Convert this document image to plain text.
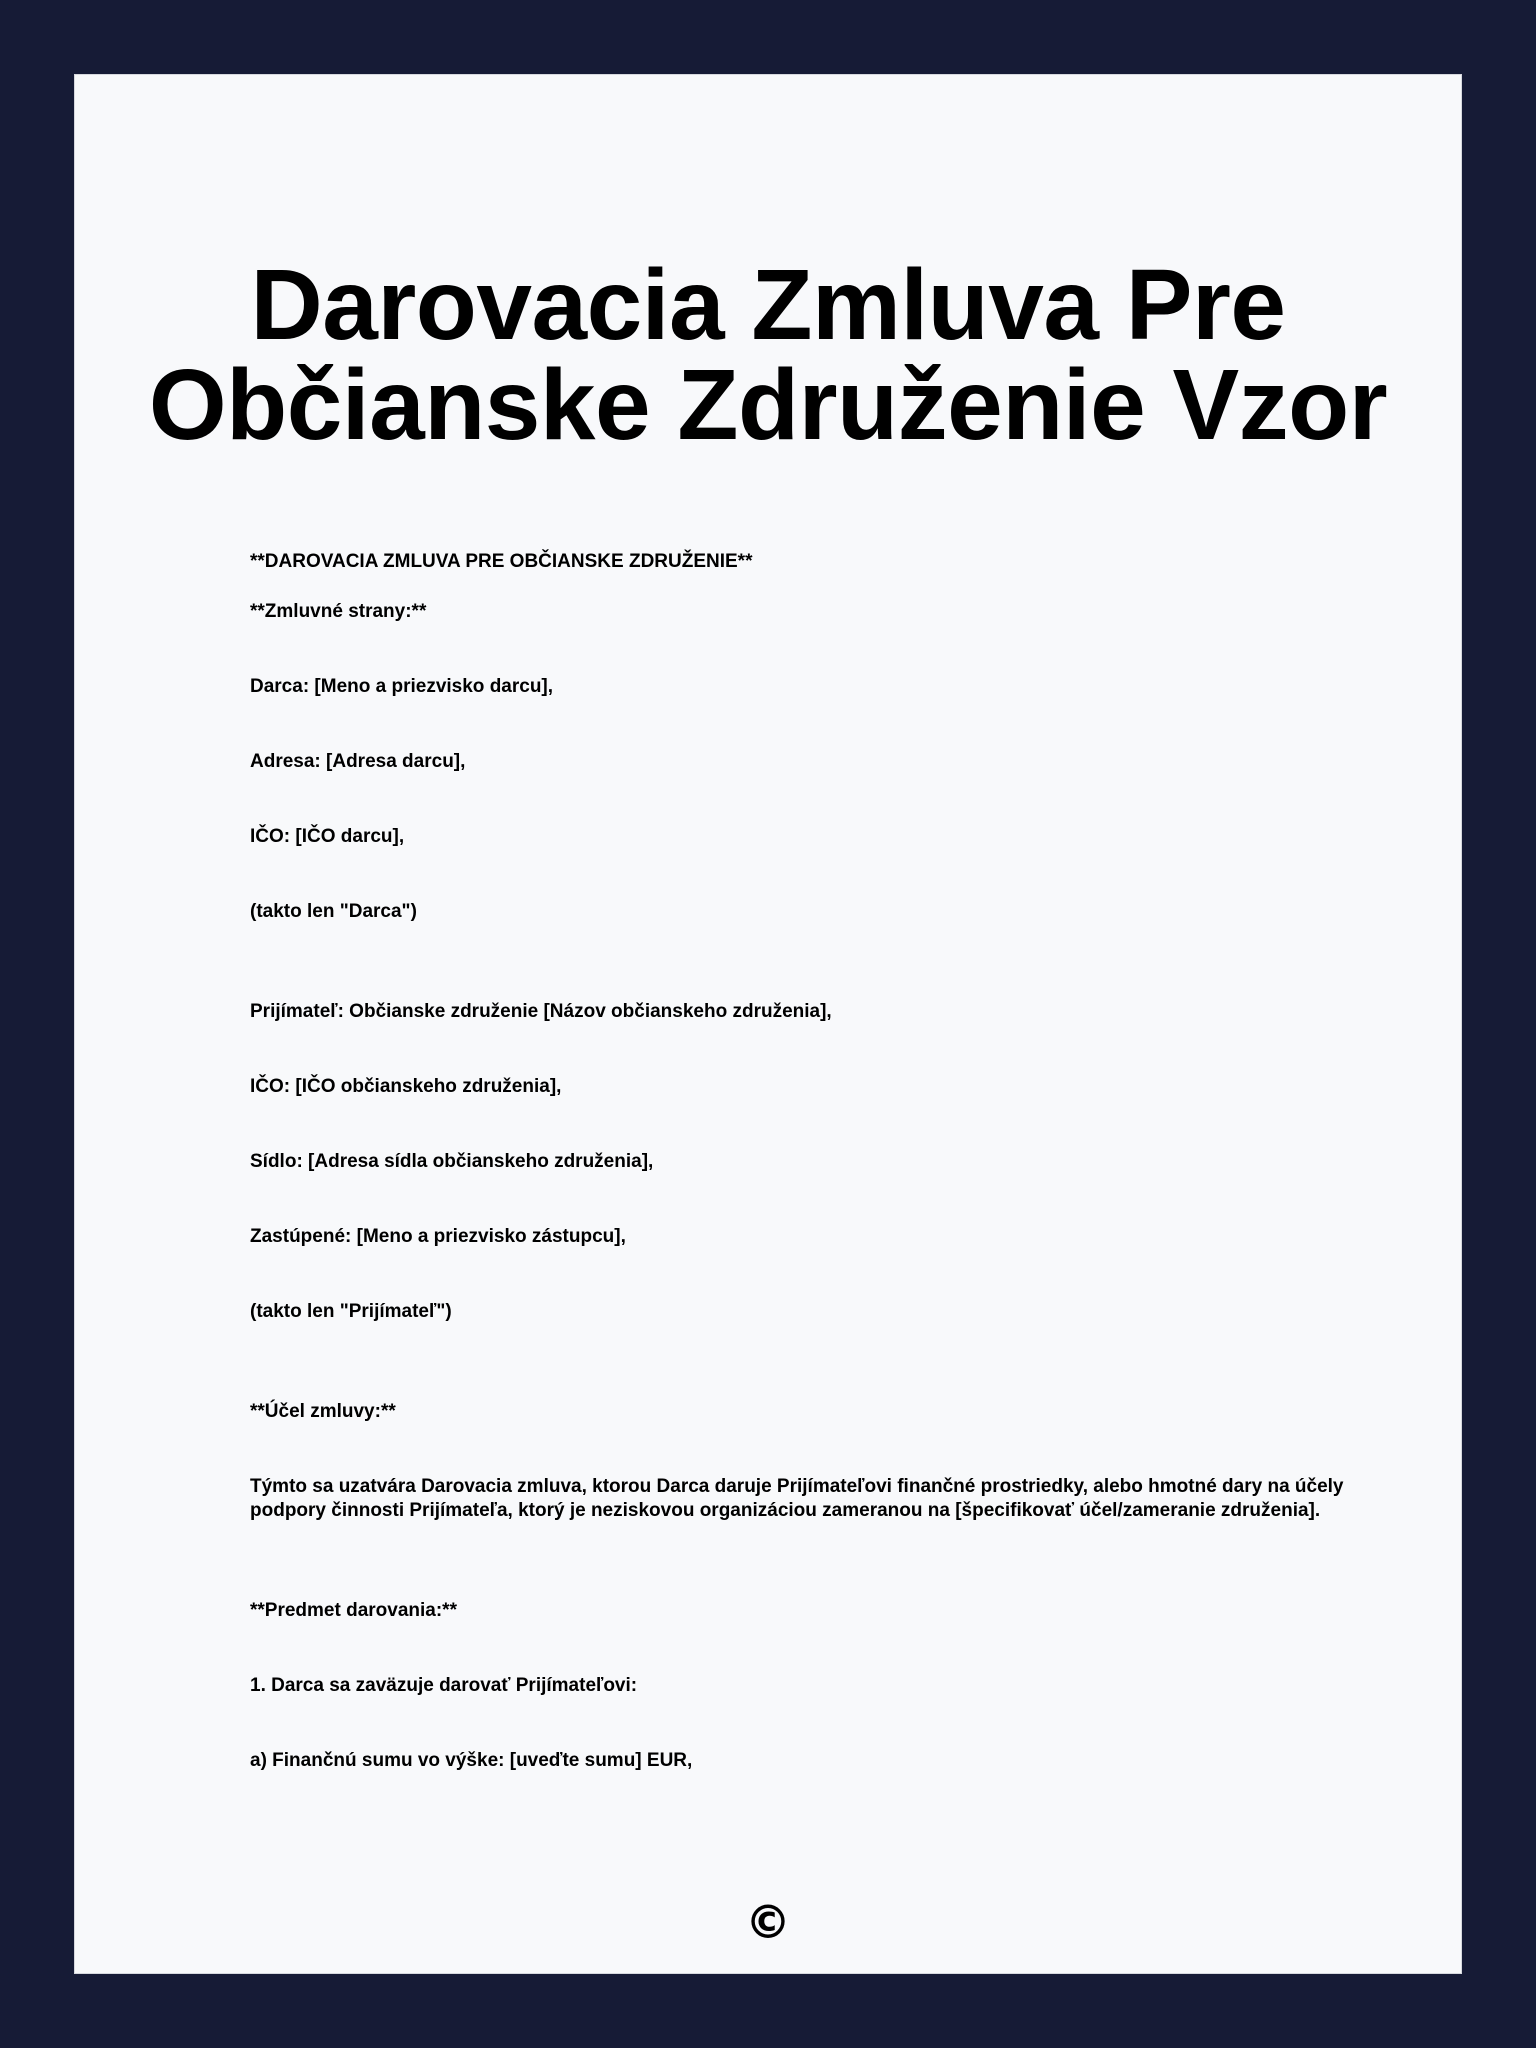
Darovacia Zmluva Pre
Občianske Združenie Vzor

**DAROVACIA ZMLUVA PRE OBČIANSKE ZDRUŽENIE**

**Zmluvné strany:**

Darca: [Meno a priezvisko darcu],

Adresa: [Adresa darcu],

IČO: [IČO darcu],

(takto len "Darca")

Prijímateľ: Občianske združenie [Názov občianskeho združenia],

IČO: [IČO občianskeho združenia],

Sídlo: [Adresa sídla občianskeho združenia],

Zastúpené: [Meno a priezvisko zástupcu],

(takto len "Prijímateľ")

**Účel zmluvy:**

Týmto sa uzatvára Darovacia zmluva, ktorou Darca daruje Prijímateľovi finančné prostriedky, alebo hmotné dary na účely podpory činnosti Prijímateľa, ktorý je neziskovou organizáciou zameranou na [špecifikovať účel/zameranie združenia].

**Predmet darovania:**

1. Darca sa zaväzuje darovať Prijímateľovi:

a) Finančnú sumu vo výške: [uveďte sumu] EUR,

©
